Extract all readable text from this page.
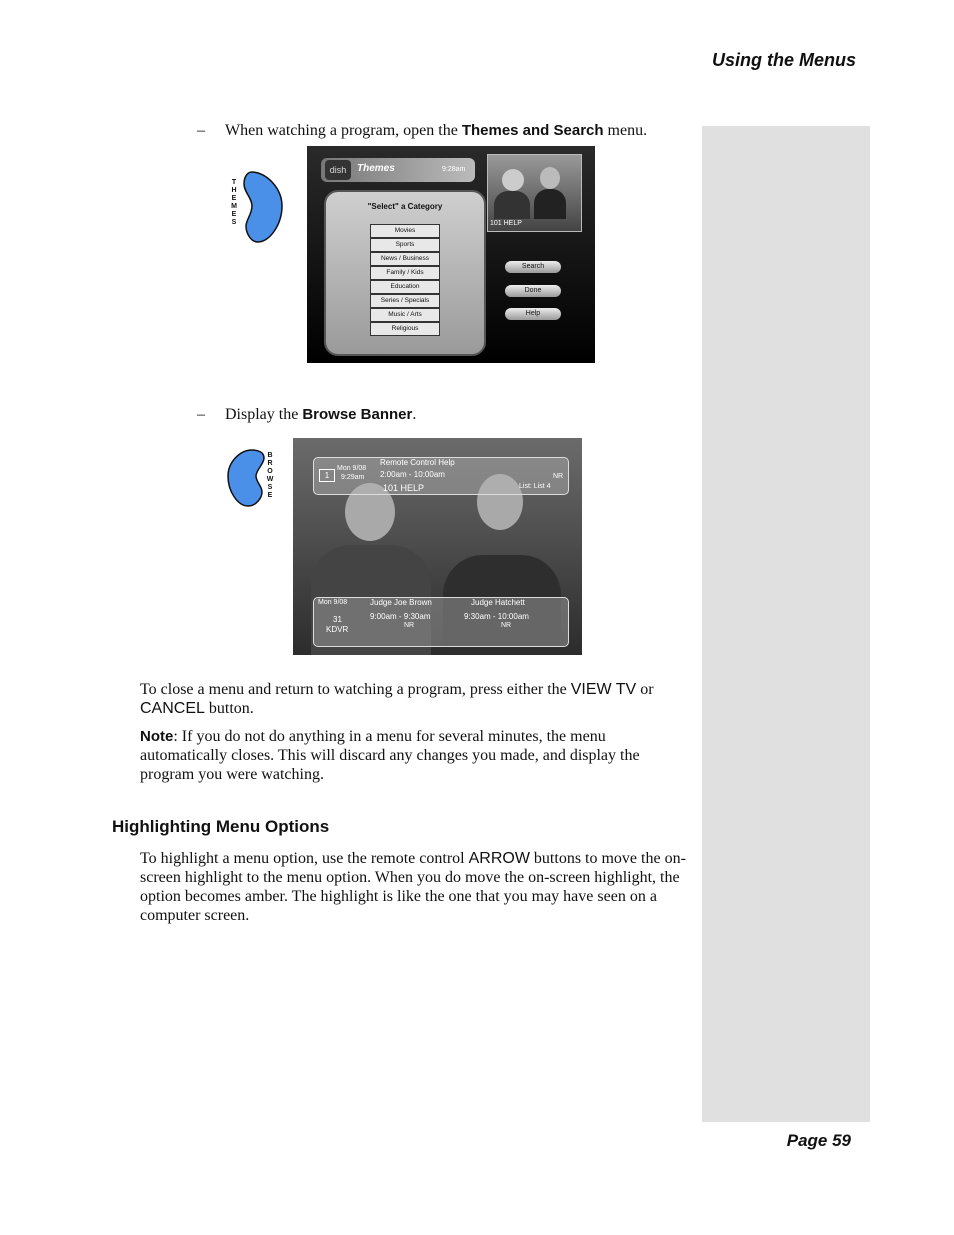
Using the Menus
– When watching a program, open the Themes and Search menu.
T
H
E
M
E
S
dish	Themes	9:28am
"Select" a Category
Movies
Sports
News / Business
Family / Kids
Education
Series / Specials
Music / Arts
Religious
101 HELP
Search
Done
Help
– Display the Browse Banner.
B
R
O
W
S
E
1
Mon 9/08
9:29am
Remote Control Help
2:00am - 10:00am	NR
101 HELP	List: List 4
Mon 9/08
31
KDVR
Judge Joe Brown
9:00am - 9:30am
NR
Judge Hatchett
9:30am - 10:00am
NR
To close a menu and return to watching a program, press either the VIEW TV or CANCEL button.
Note: If you do not do anything in a menu for several minutes, the menu automatically closes. This will discard any changes you made, and display the program you were watching.
Highlighting Menu Options
To highlight a menu option, use the remote control ARROW buttons to move the on-screen highlight to the menu option. When you do move the on-screen highlight, the option becomes amber. The highlight is like the one that you may have seen on a computer screen.
Page 59
